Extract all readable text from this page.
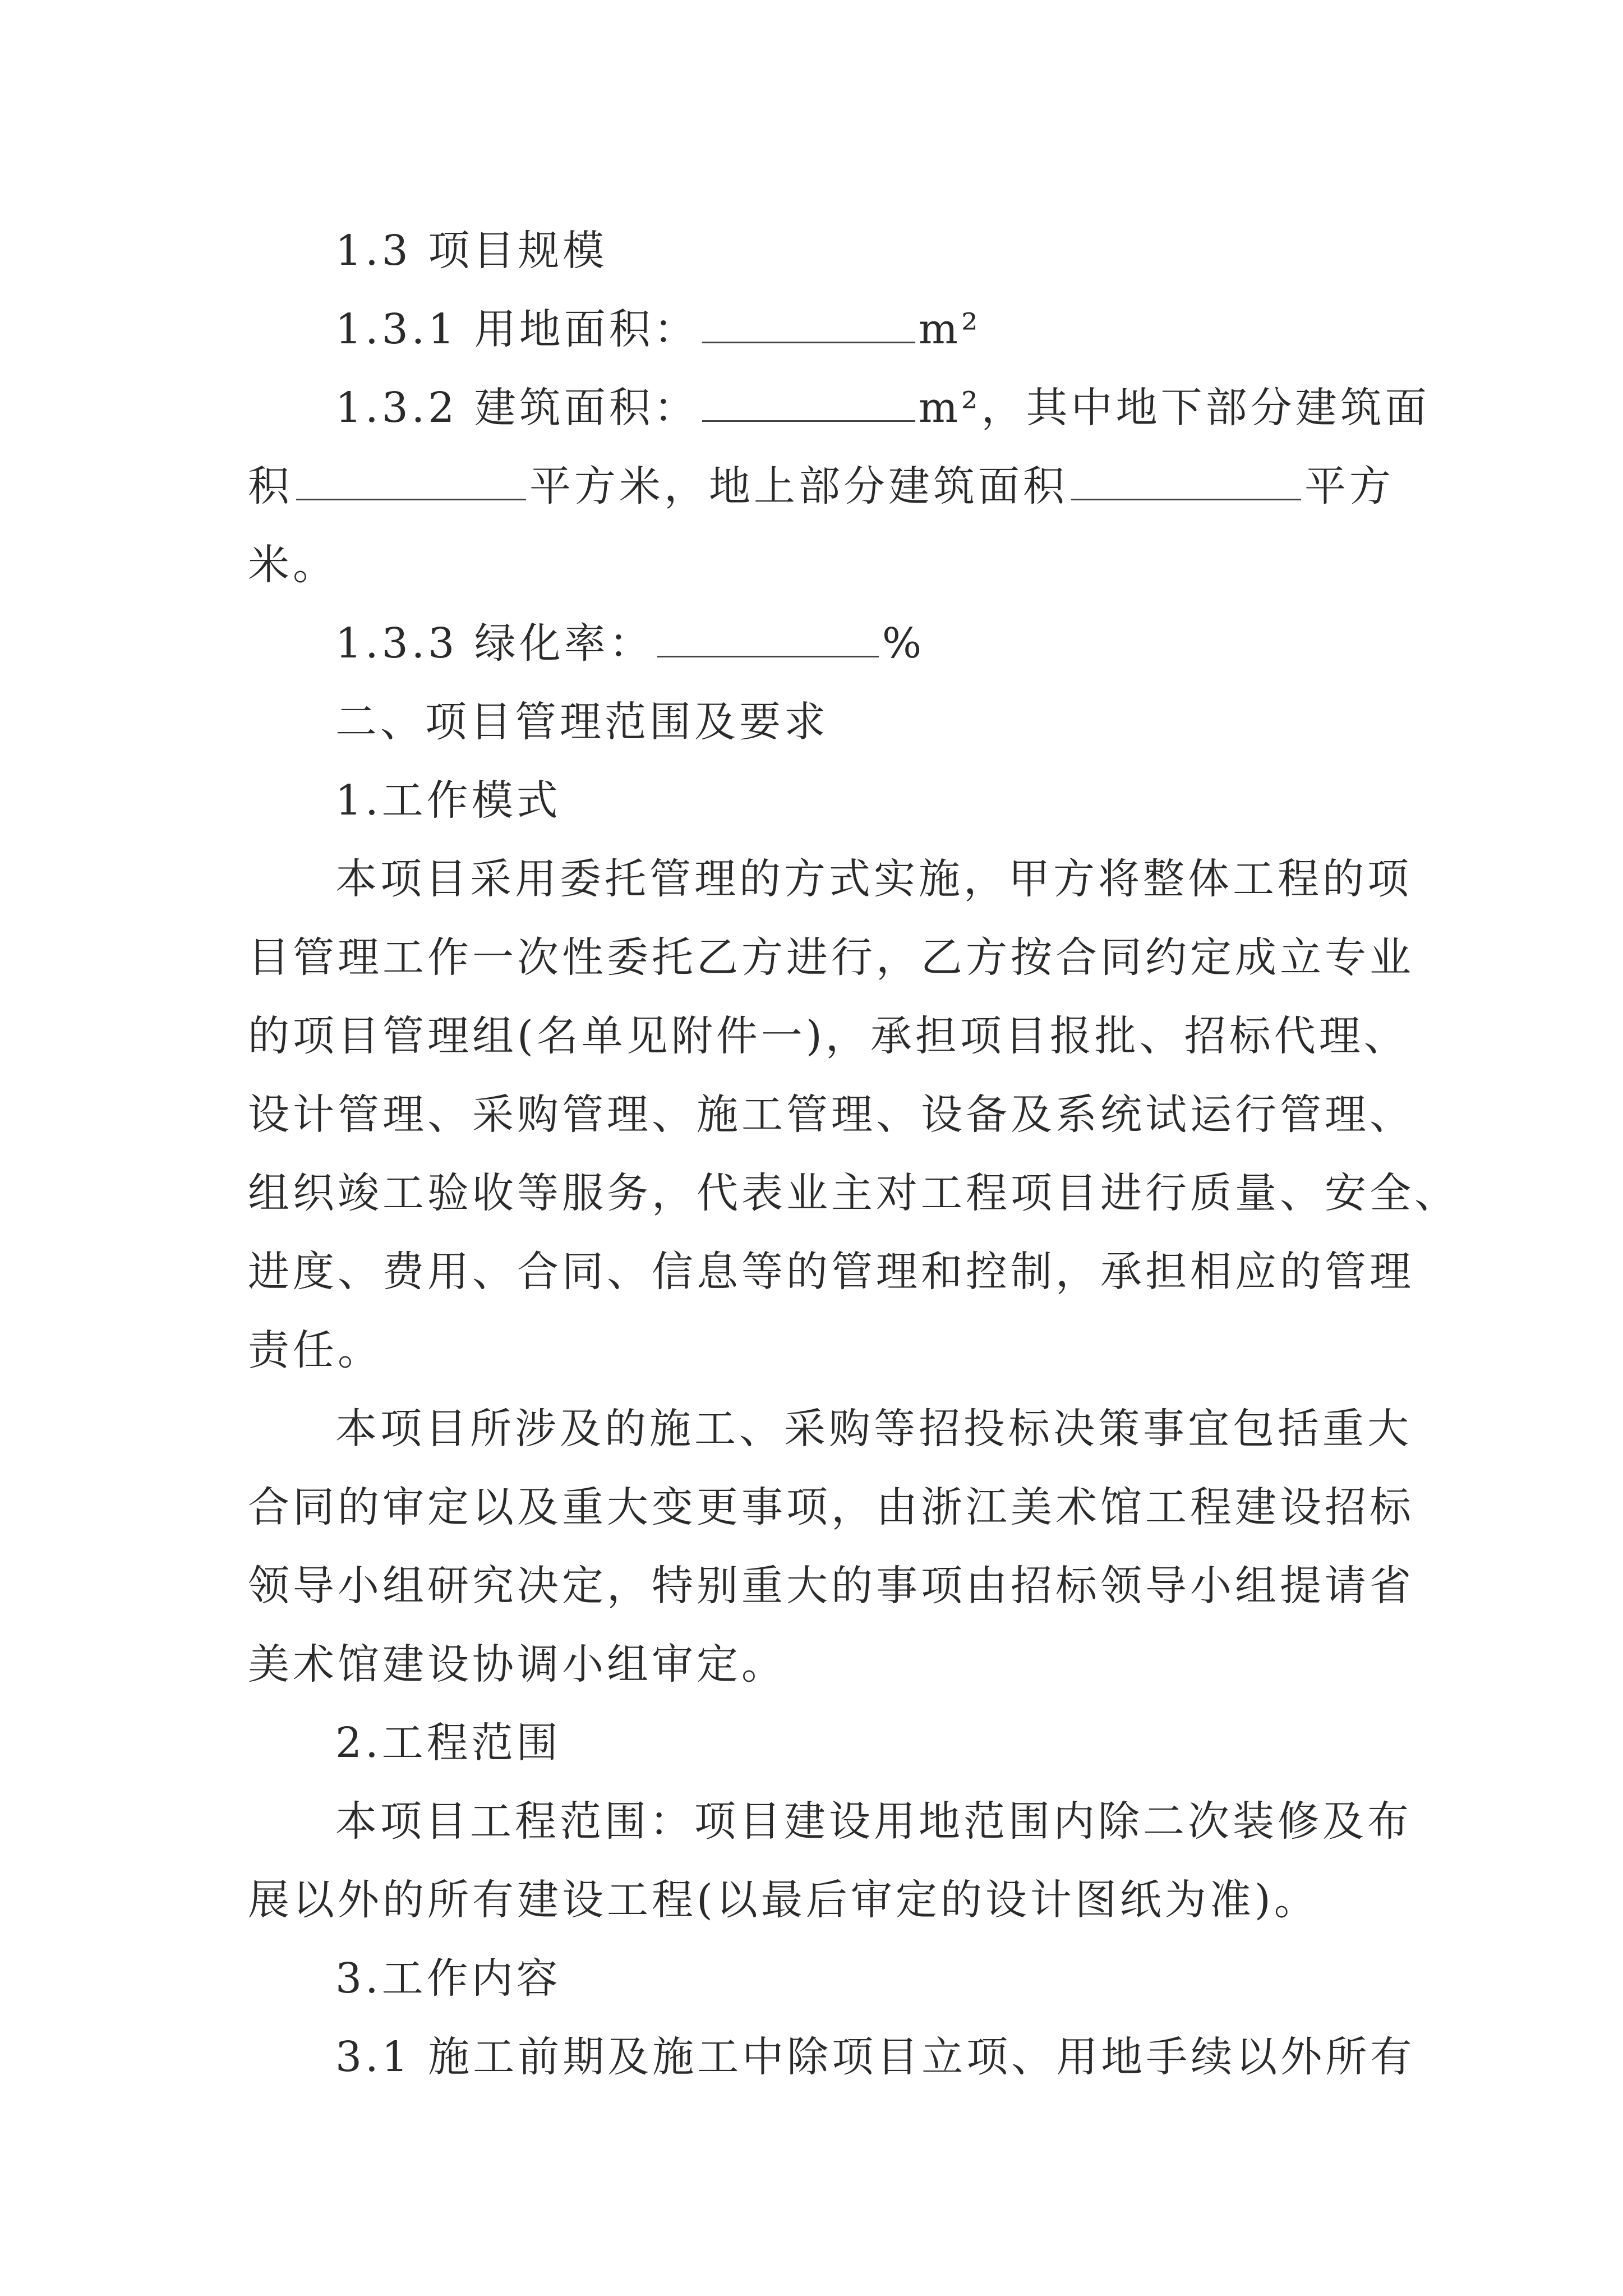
1.3 项目规模
1.3.1 用地面积：	m²
1.3.2 建筑面积：	m²，其中地下部分建筑面
积	平方米，地上部分建筑面积	平方
米。
1.3.3 绿化率：	%
二、项目管理范围及要求
1.工作模式
本项目采用委托管理的方式实施，甲方将整体工程的项
目管理工作一次性委托乙方进行，乙方按合同约定成立专业
的项目管理组(名单见附件一)，承担项目报批、招标代理、
设计管理、采购管理、施工管理、设备及系统试运行管理、
组织竣工验收等服务，代表业主对工程项目进行质量、安全、
进度、费用、合同、信息等的管理和控制，承担相应的管理
责任。
本项目所涉及的施工、采购等招投标决策事宜包括重大
合同的审定以及重大变更事项，由浙江美术馆工程建设招标
领导小组研究决定，特别重大的事项由招标领导小组提请省
美术馆建设协调小组审定。
2.工程范围
本项目工程范围：项目建设用地范围内除二次装修及布
展以外的所有建设工程(以最后审定的设计图纸为准)。
3.工作内容
3.1 施工前期及施工中除项目立项、用地手续以外所有
